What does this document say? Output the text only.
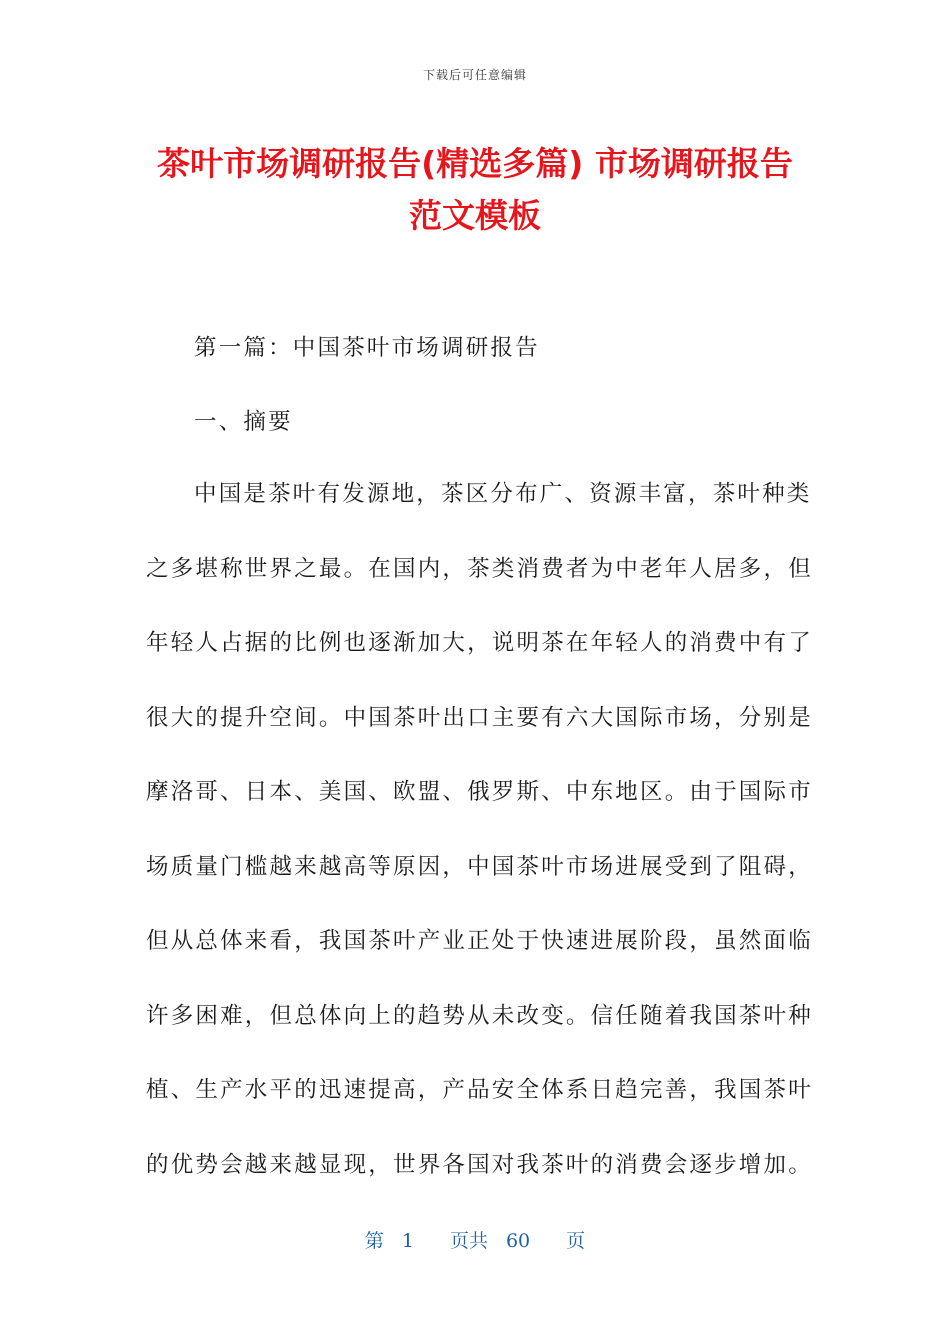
下载后可任意编辑
茶叶市场调研报告(精选多篇) 市场调研报告
范文模板

第一篇：中国茶叶市场调研报告

一、摘要

中国是茶叶有发源地，茶区分布广、资源丰富，茶叶种类
之多堪称世界之最。在国内，茶类消费者为中老年人居多，但
年轻人占据的比例也逐渐加大，说明茶在年轻人的消费中有了
很大的提升空间。中国茶叶出口主要有六大国际市场，分别是
摩洛哥、日本、美国、欧盟、俄罗斯、中东地区。由于国际市
场质量门槛越来越高等原因，中国茶叶市场进展受到了阻碍，
但从总体来看，我国茶叶产业正处于快速进展阶段，虽然面临
许多困难，但总体向上的趋势从未改变。信任随着我国茶叶种
植、生产水平的迅速提高，产品安全体系日趋完善，我国茶叶
的优势会越来越显现，世界各国对我茶叶的消费会逐步增加。
第 1 页共 60 页
